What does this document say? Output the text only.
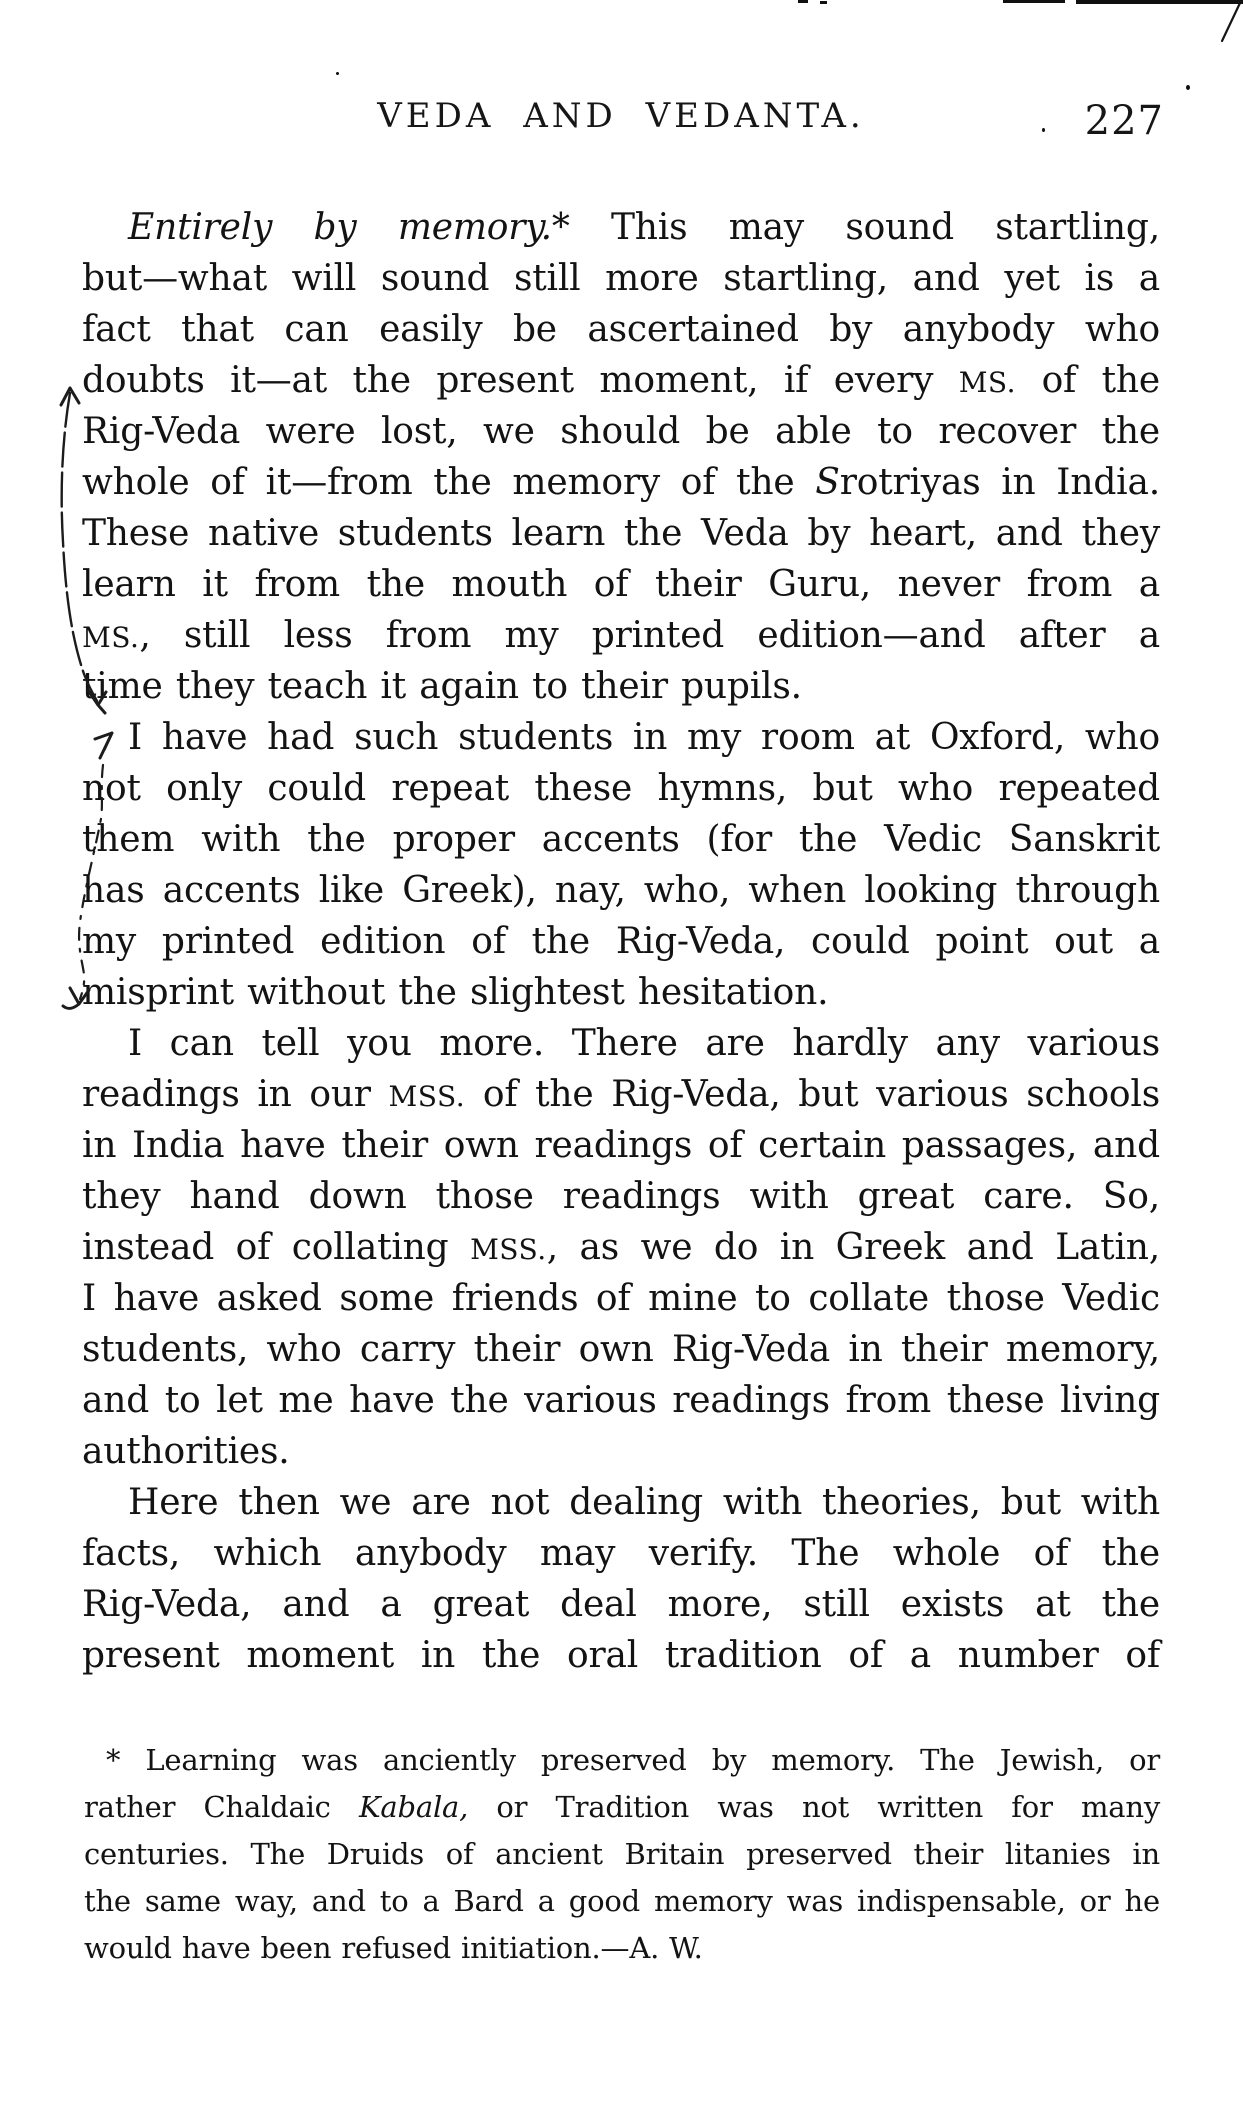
VEDA AND VEDANTA.	227
Entirely by memory.* This may sound startling,
but—what will sound still more startling, and yet is a
fact that can easily be ascertained by anybody who
doubts it—at the present moment, if every MS. of the
Rig-Veda were lost, we should be able to recover the
whole of it—from the memory of the Srotriyas in India.
These native students learn the Veda by heart, and they
learn it from the mouth of their Guru, never from a
MS., still less from my printed edition—and after a
time they teach it again to their pupils.
I have had such students in my room at Oxford, who
not only could repeat these hymns, but who repeated
them with the proper accents (for the Vedic Sanskrit
has accents like Greek), nay, who, when looking through
my printed edition of the Rig-Veda, could point out a
misprint without the slightest hesitation.
I can tell you more. There are hardly any various
readings in our MSS. of the Rig-Veda, but various schools
in India have their own readings of certain passages, and
they hand down those readings with great care. So,
instead of collating MSS., as we do in Greek and Latin,
I have asked some friends of mine to collate those Vedic
students, who carry their own Rig-Veda in their memory,
and to let me have the various readings from these living
authorities.
Here then we are not dealing with theories, but with
facts, which anybody may verify. The whole of the
Rig-Veda, and a great deal more, still exists at the
present moment in the oral tradition of a number of
* Learning was anciently preserved by memory. The Jewish, or
rather Chaldaic Kabala, or Tradition was not written for many
centuries. The Druids of ancient Britain preserved their litanies in
the same way, and to a Bard a good memory was indispensable, or he
would have been refused initiation.—A. W.
